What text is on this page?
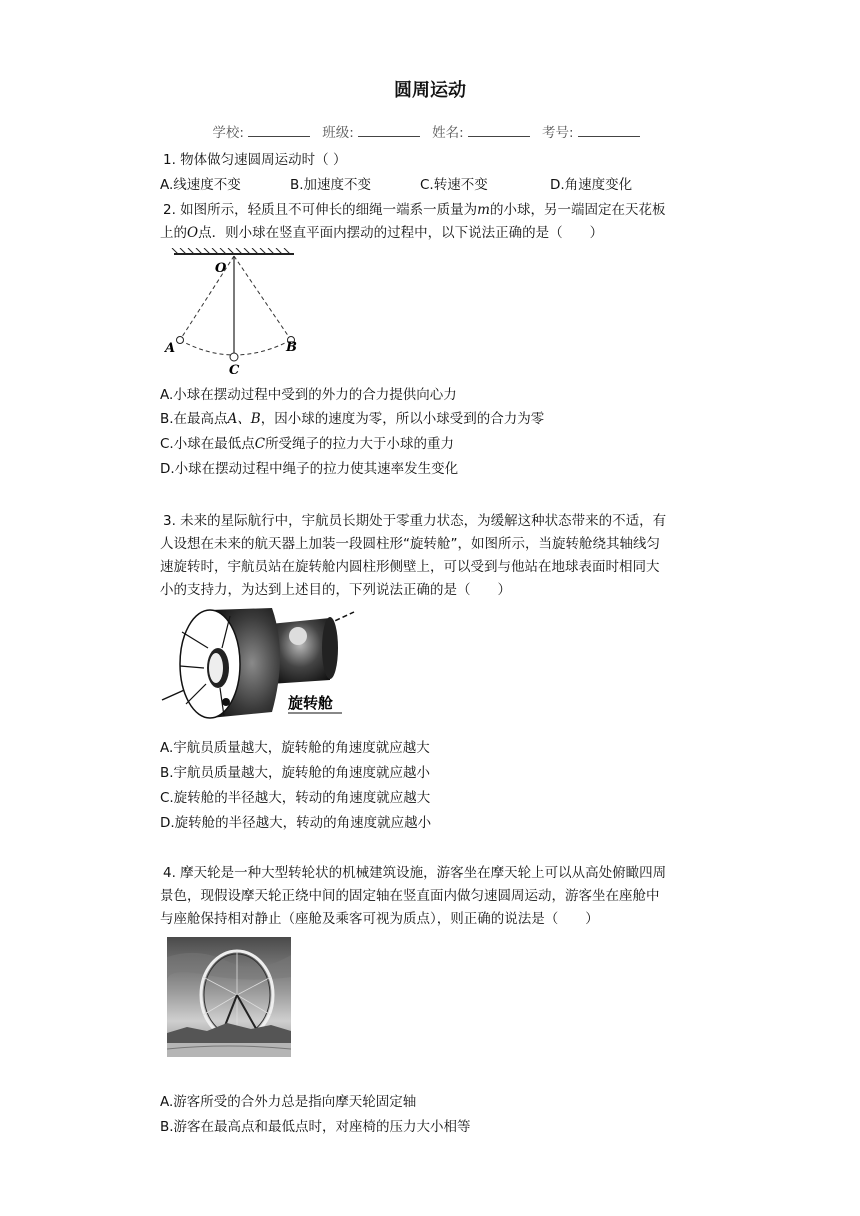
圆周运动
学校:	班级:	姓名:	考号:
1. 物体做匀速圆周运动时（ ）
A.线速度不变	B.加速度不变	C.转速不变	D.角速度变化
2. 如图所示，轻质且不可伸长的细绳一端系一质量为m的小球，另一端固定在天花板
上的O点．则小球在竖直平面内摆动的过程中，以下说法正确的是（　　）
O
A	B
C
A.小球在摆动过程中受到的外力的合力提供向心力
B.在最高点A、B，因小球的速度为零，所以小球受到的合力为零
C.小球在最低点C所受绳子的拉力大于小球的重力
D.小球在摆动过程中绳子的拉力使其速率发生变化
3. 未来的星际航行中，宇航员长期处于零重力状态，为缓解这种状态带来的不适，有
人设想在未来的航天器上加装一段圆柱形“旋转舱”，如图所示，当旋转舱绕其轴线匀
速旋转时，宇航员站在旋转舱内圆柱形侧壁上，可以受到与他站在地球表面时相同大
小的支持力，为达到上述目的，下列说法正确的是（　　）
旋转舱
A.宇航员质量越大，旋转舱的角速度就应越大
B.宇航员质量越大，旋转舱的角速度就应越小
C.旋转舱的半径越大，转动的角速度就应越大
D.旋转舱的半径越大，转动的角速度就应越小
4. 摩天轮是一种大型转轮状的机械建筑设施，游客坐在摩天轮上可以从高处俯瞰四周
景色，现假设摩天轮正绕中间的固定轴在竖直面内做匀速圆周运动，游客坐在座舱中
与座舱保持相对静止（座舱及乘客可视为质点），则正确的说法是（　　）
A.游客所受的合外力总是指向摩天轮固定轴
B.游客在最高点和最低点时，对座椅的压力大小相等
